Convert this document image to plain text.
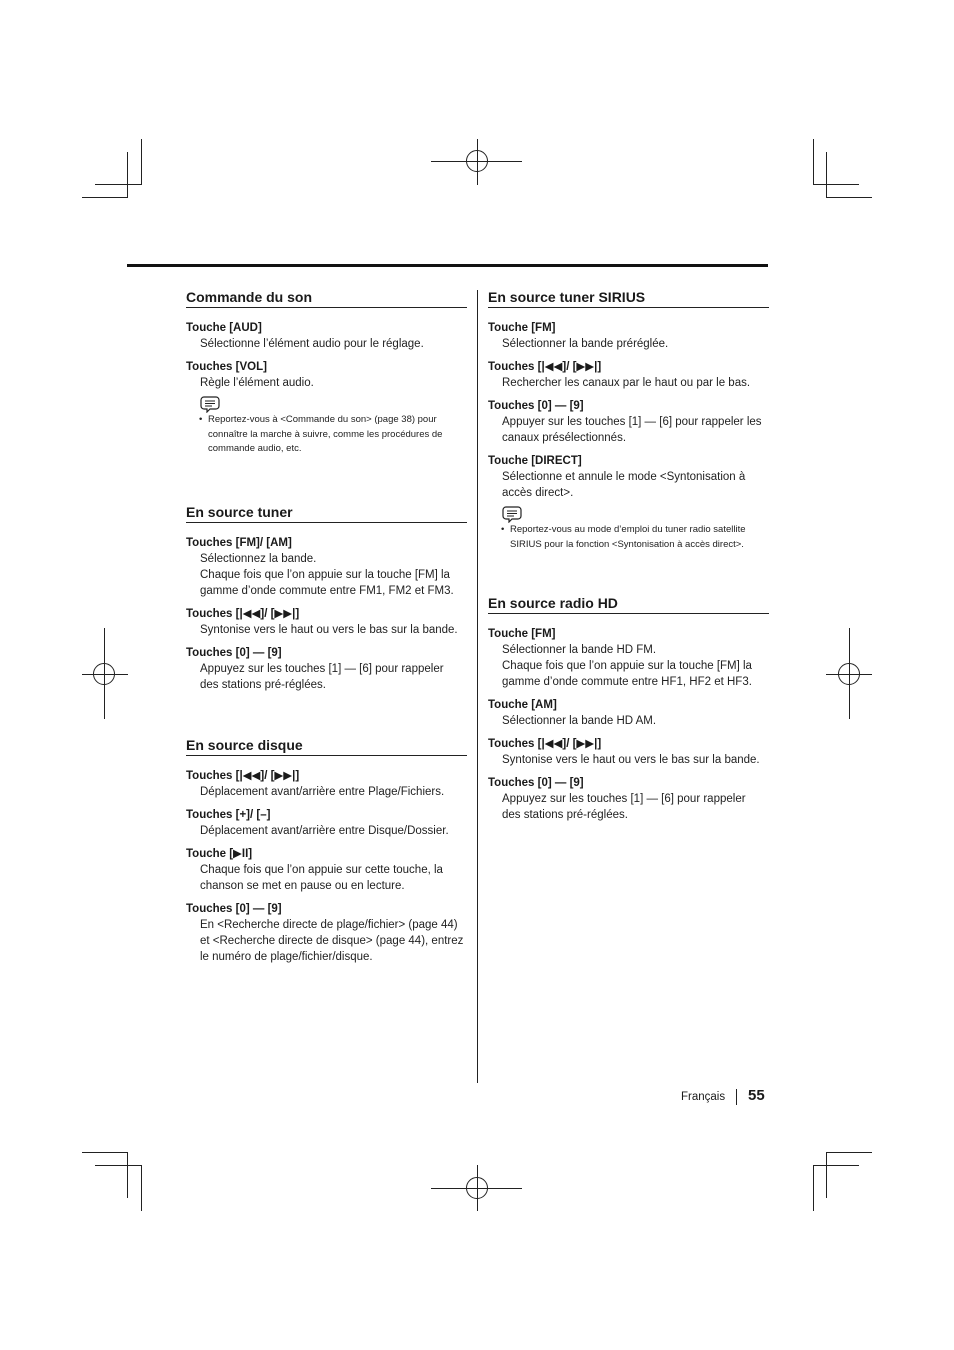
Commande du son
Touche [AUD]
Sélectionne l’élément audio pour le réglage.
Touches [VOL]
Règle l’élément audio.
• Reportez-vous à <Commande du son> (page 38) pour
connaître la marche à suivre, comme les procédures de
commande audio, etc.
En source tuner
Touches [FM]/ [AM]
Sélectionnez la bande.
Chaque fois que l’on appuie sur la touche [FM] la
gamme d’onde commute entre FM1, FM2 et FM3.
Touches [|◀◀]/ [▶▶|]
Syntonise vers le haut ou vers le bas sur la bande.
Touches [0] — [9]
Appuyez sur les touches [1] — [6] pour rappeler
des stations pré-réglées.
En source disque
Touches [|◀◀]/ [▶▶|]
Déplacement avant/arrière entre Plage/Fichiers.
Touches [+]/ [–]
Déplacement avant/arrière entre Disque/Dossier.
Touche [▶II]
Chaque fois que l’on appuie sur cette touche, la
chanson se met en pause ou en lecture.
Touches [0] — [9]
En <Recherche directe de plage/fichier> (page 44)
et <Recherche directe de disque> (page 44), entrez
le numéro de plage/fichier/disque.
En source tuner SIRIUS
Touche [FM]
Sélectionner la bande préréglée.
Touches [|◀◀]/ [▶▶|]
Rechercher les canaux par le haut ou par le bas.
Touches [0] — [9]
Appuyer sur les touches [1] — [6] pour rappeler les
canaux présélectionnés.
Touche [DIRECT]
Sélectionne et annule le mode <Syntonisation à
accès direct>.
• Reportez-vous au mode d’emploi du tuner radio satellite
SIRIUS pour la fonction <Syntonisation à accès direct>.
En source radio HD
Touche [FM]
Sélectionner la bande HD FM.
Chaque fois que l’on appuie sur la touche [FM] la
gamme d’onde commute entre HF1, HF2 et HF3.
Touche [AM]
Sélectionner la bande HD AM.
Touches [|◀◀]/ [▶▶|]
Syntonise vers le haut ou vers le bas sur la bande.
Touches [0] — [9]
Appuyez sur les touches [1] — [6] pour rappeler
des stations pré-réglées.
Français 55
